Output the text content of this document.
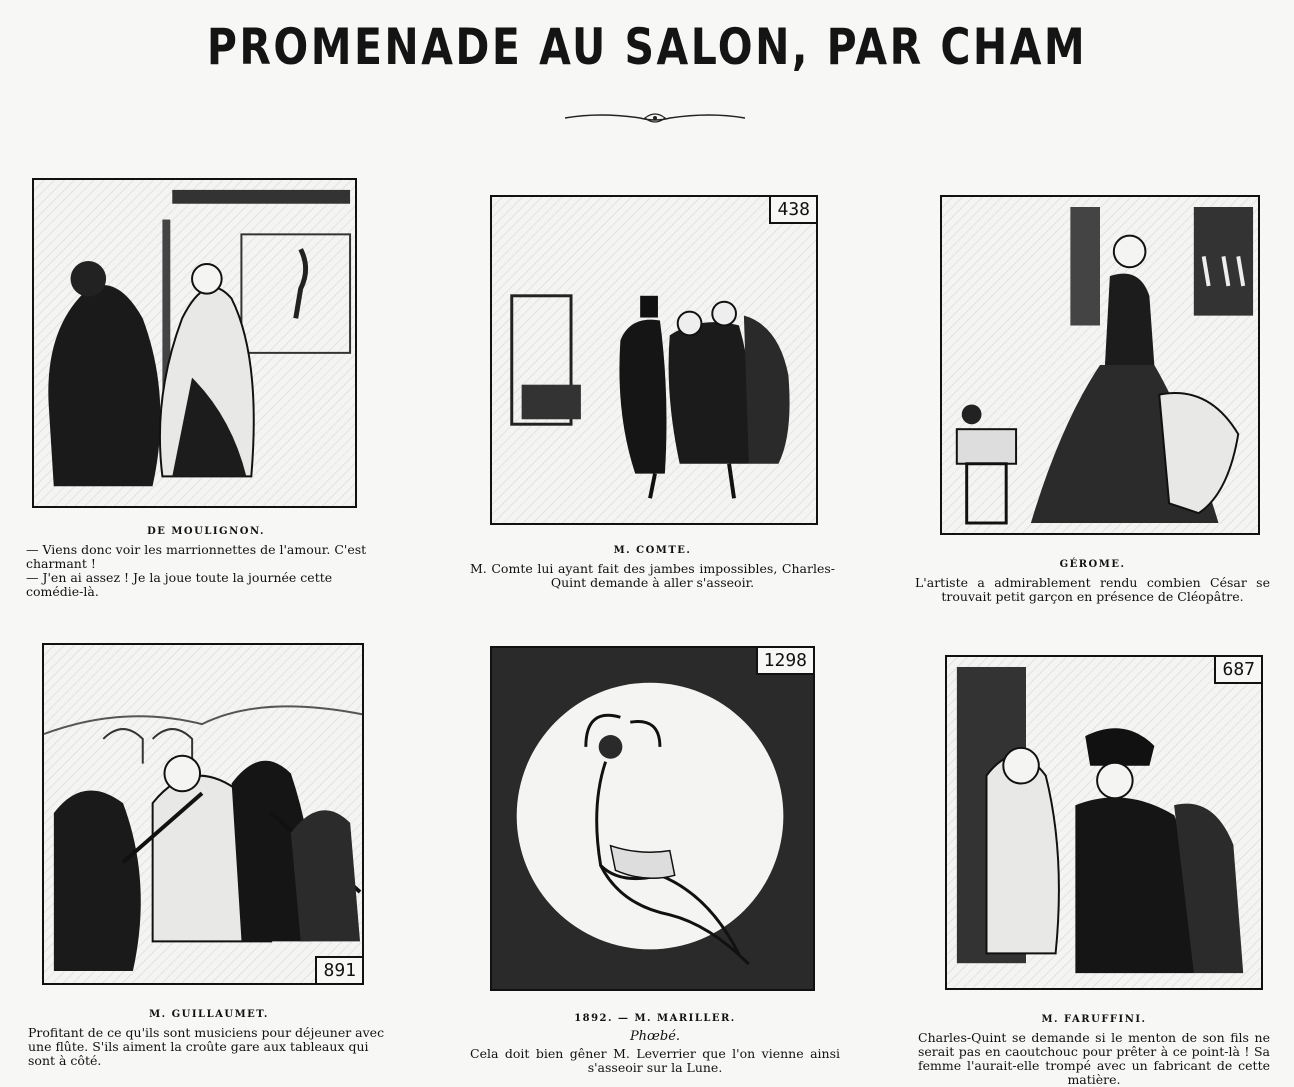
PROMENADE AU SALON, PAR CHAM
DE MOULIGNON.
— Viens donc voir les marrionnettes de l'amour. C'est charmant !
— J'en ai assez ! Je la joue toute la journée cette comédie-là.
438
M. COMTE.
M. Comte lui ayant fait des jambes impossibles, Charles-Quint demande à aller s'asseoir.
GÉROME.
L'artiste a admirablement rendu combien César se trouvait petit garçon en présence de Cléopâtre.
891
M. GUILLAUMET.
Profitant de ce qu'ils sont musiciens pour déjeuner avec une flûte. S'ils aiment la croûte gare aux tableaux qui sont à côté.
1298
1892. — M. MARILLER.
Phœbé.
Cela doit bien gêner M. Leverrier que l'on vienne ainsi s'asseoir sur la Lune.
687
M. FARUFFINI.
Charles-Quint se demande si le menton de son fils ne serait pas en caoutchouc pour prêter à ce point-là ! Sa femme l'aurait-elle trompé avec un fabricant de cette matière.
